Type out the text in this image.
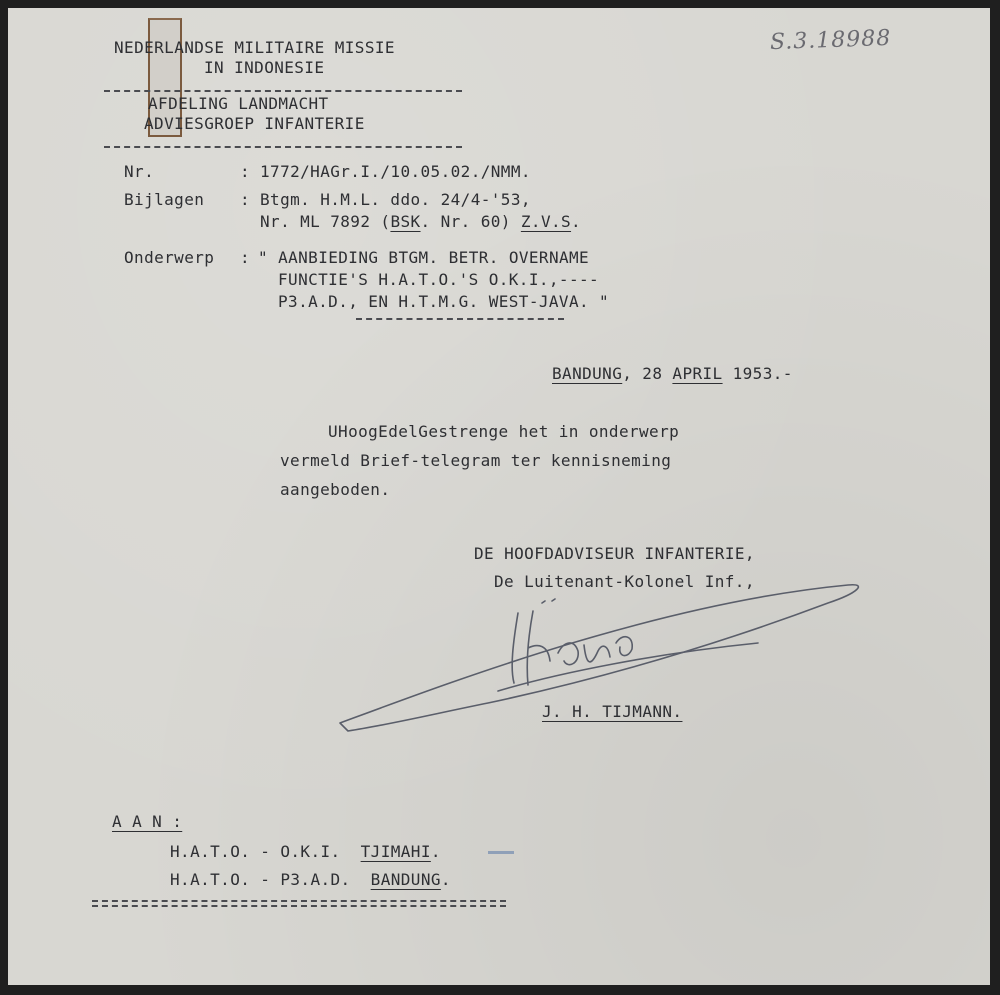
S.3.18988
NEDERLANDSE MILITAIRE MISSIE
IN INDONESIE
AFDELING LANDMACHT
ADVIESGROEP INFANTERIE
Nr.	: 1772/HAGr.I./10.05.02./NMM.
Bijlagen : Btgm. H.M.L. ddo. 24/4-'53,
Nr. ML 7892 (BSK. Nr. 60) Z.V.S.
Onderwerp : " AANBIEDING BTGM. BETR. OVERNAME
FUNCTIE'S H.A.T.O.'S O.K.I.,----
P3.A.D., EN H.T.M.G. WEST-JAVA. "
BANDUNG, 28 APRIL 1953.-
UHoogEdelGestrenge het in onderwerp
vermeld Brief-telegram ter kennisneming
aangeboden.
DE HOOFDADVISEUR INFANTERIE,
De Luitenant-Kolonel Inf.,
J. H. TIJMANN.
A A N :
H.A.T.O. - O.K.I.  TJIMAHI.
H.A.T.O. - P3.A.D.  BANDUNG.
